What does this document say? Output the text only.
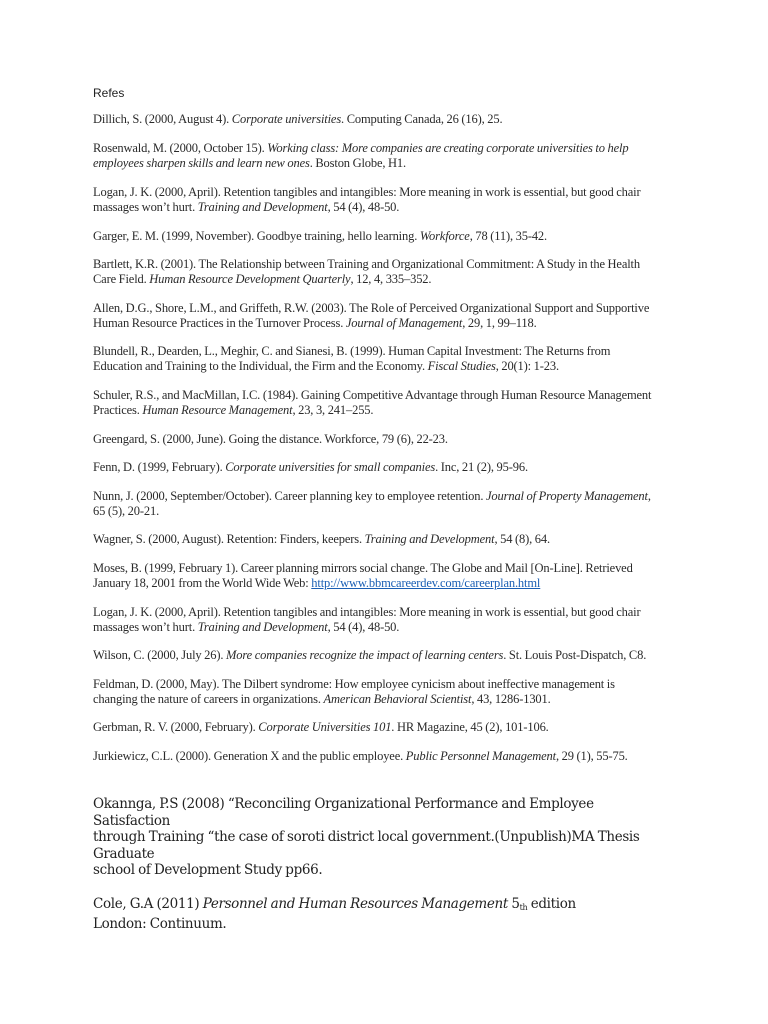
Refes

Dillich, S. (2000, August 4). Corporate universities. Computing Canada, 26 (16), 25.

Rosenwald, M. (2000, October 15). Working class: More companies are creating corporate universities to help employees sharpen skills and learn new ones. Boston Globe, H1.

Logan, J. K. (2000, April). Retention tangibles and intangibles: More meaning in work is essential, but good chair massages won’t hurt. Training and Development, 54 (4), 48-50.

Garger, E. M. (1999, November). Goodbye training, hello learning. Workforce, 78 (11), 35-42.

Bartlett, K.R. (2001). The Relationship between Training and Organizational Commitment: A Study in the Health Care Field. Human Resource Development Quarterly, 12, 4, 335–352.

Allen, D.G., Shore, L.M., and Griffeth, R.W. (2003). The Role of Perceived Organizational Support and Supportive Human Resource Practices in the Turnover Process. Journal of Management, 29, 1, 99–118.

Blundell, R., Dearden, L., Meghir, C. and Sianesi, B. (1999). Human Capital Investment: The Returns from Education and Training to the Individual, the Firm and the Economy. Fiscal Studies, 20(1): 1-23.

Schuler, R.S., and MacMillan, I.C. (1984). Gaining Competitive Advantage through Human Resource Management Practices. Human Resource Management, 23, 3, 241–255.

Greengard, S. (2000, June). Going the distance. Workforce, 79 (6), 22-23.

Fenn, D. (1999, February). Corporate universities for small companies. Inc, 21 (2), 95-96.

Nunn, J. (2000, September/October). Career planning key to employee retention. Journal of Property Management, 65 (5), 20-21.

Wagner, S. (2000, August). Retention: Finders, keepers. Training and Development, 54 (8), 64.

Moses, B. (1999, February 1). Career planning mirrors social change. The Globe and Mail [On-Line]. Retrieved January 18, 2001 from the World Wide Web: http://www.bbmcareerdev.com/careerplan.html

Logan, J. K. (2000, April). Retention tangibles and intangibles: More meaning in work is essential, but good chair massages won’t hurt. Training and Development, 54 (4), 48-50.

Wilson, C. (2000, July 26). More companies recognize the impact of learning centers. St. Louis Post-Dispatch, C8.

Feldman, D. (2000, May). The Dilbert syndrome: How employee cynicism about ineffective management is changing the nature of careers in organizations. American Behavioral Scientist, 43, 1286-1301.

Gerbman, R. V. (2000, February). Corporate Universities 101. HR Magazine, 45 (2), 101-106.

Jurkiewicz, C.L. (2000). Generation X and the public employee. Public Personnel Management, 29 (1), 55-75.

Okannga, P.S (2008) “Reconciling Organizational Performance and Employee Satisfaction
through Training “the case of soroti district local government.(Unpublish)MA Thesis
Graduate
school of Development Study pp66.
Cole, G.A (2011) Personnel and Human Resources Management $5_{th}$ edition
London: Continuum.
